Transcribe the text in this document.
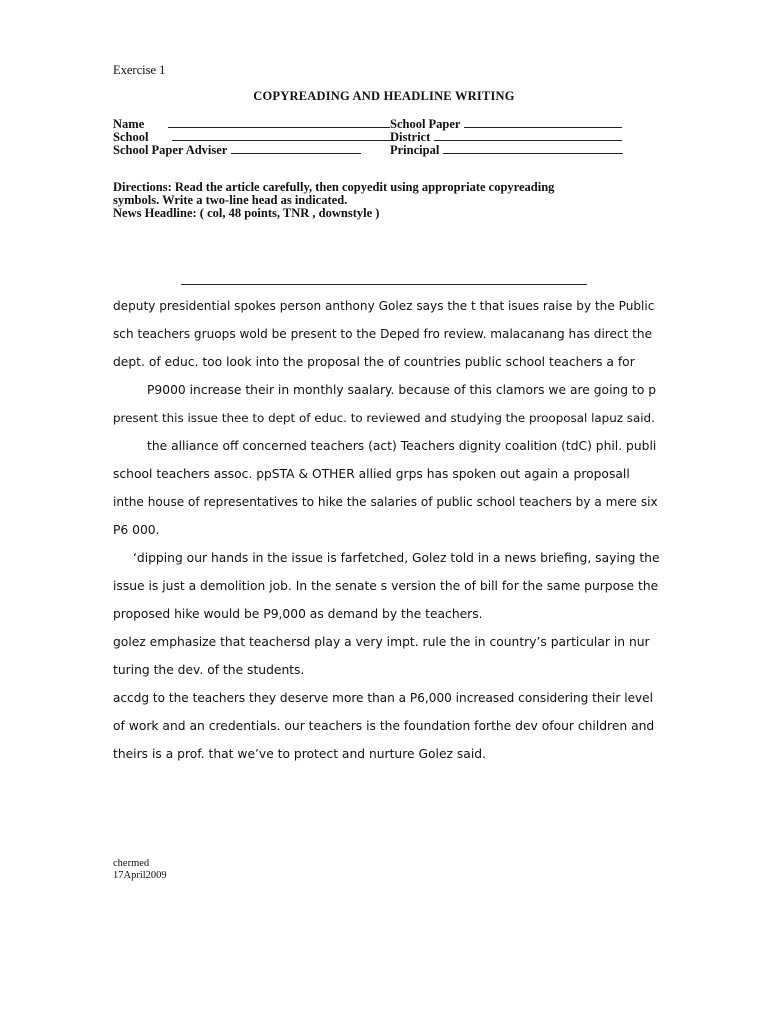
Exercise 1
COPYREADING AND HEADLINE WRITING
Name	School Paper
School	District
School Paper Adviser	Principal
Directions: Read the article carefully, then copyedit using appropriate copyreading
symbols. Write a two-line head as indicated.
News Headline: ( col, 48 points, TNR , downstyle )
deputy presidential spokes person anthony Golez says the t that isues raise by the Public
sch teachers gruops wold be present to the Deped fro review. malacanang has direct the
dept. of educ. too look into the proposal the of countries public school teachers a for
P9000 increase their in monthly saalary. because of this clamors we are going to p
present this issue thee to dept of educ. to reviewed and studying the prooposal lapuz said.
the alliance off concerned teachers (act) Teachers dignity coalition (tdC) phil. publi
school teachers assoc. ppSTA & OTHER allied grps has spoken out again a proposall
inthe house of representatives to hike the salaries of public school teachers by a mere six
P6 000.
‘dipping our hands in the issue is farfetched, Golez told in a news briefing, saying the
issue is just a demolition job. In the senate s version the of bill for the same purpose the
proposed hike would be P9,000 as demand by the teachers.
golez emphasize that teachersd play a very impt. rule the in country’s particular in nur
turing the dev. of the students.
accdg to the teachers they deserve more than a P6,000 increased considering their level
of work and an credentials. our teachers is the foundation forthe dev ofour children and
theirs is a prof. that we’ve to protect and nurture Golez said.
chermed
17April2009
